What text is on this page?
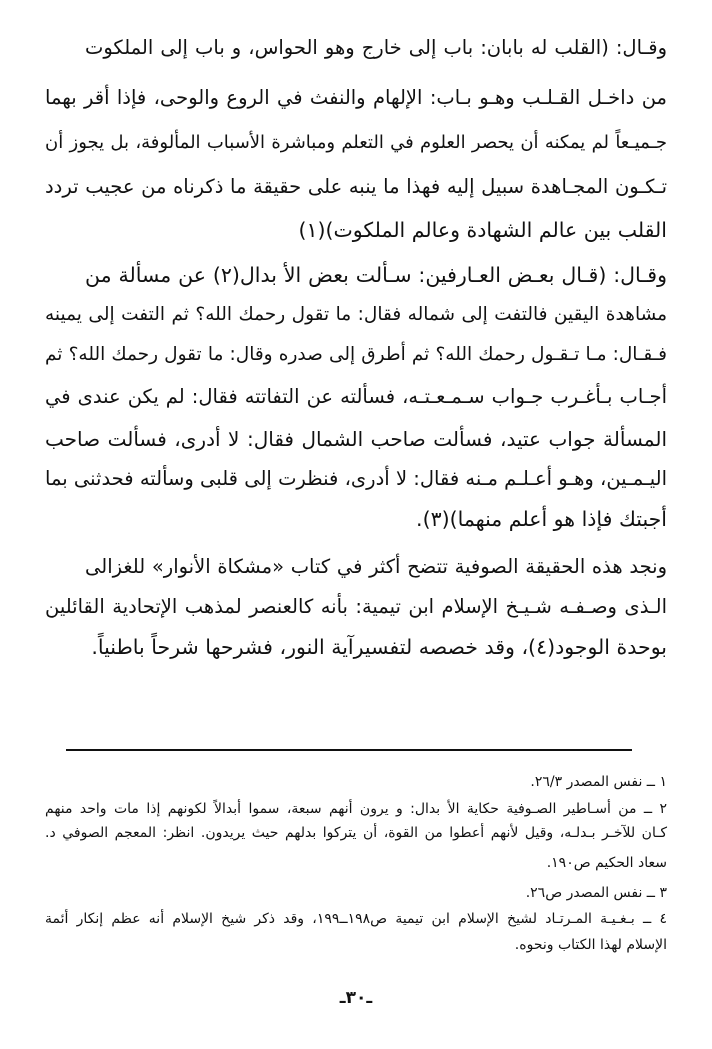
وقـال: (القلب له بابان: باب إلى خارج وهو الحواس، و باب إلى الملكوت
من داخـل القـلـب وهـو بـاب: الإلهام والنفث في الروع والوحى، فإذا أقر بهما
جـميـعاً لم يمكنه أن يحصر العلوم في التعلم ومباشرة الأسباب المألوفة، بل يجوز أن
تـكـون المجـاهدة سبيل إليه فهذا ما ينبه على حقيقة ما ذكرناه من عجيب تردد
القلب بين عالم الشهادة وعالم الملكوت)(١)
وقـال: (قـال بعـض العـارفين: سـألت بعض الأ بدال(٢) عن مسألة من
مشاهدة اليقين فالتفت إلى شماله فقال: ما تقول رحمك الله؟ ثم التفت إلى يمينه
فـقـال: مـا تـقـول رحمك الله؟ ثم أطرق إلى صدره وقال: ما تقول رحمك الله؟ ثم
أجـاب بـأغـرب جـواب سـمـعـتـه، فسألته عن التفاتته فقال: لم يكن عندى في
المسألة جواب عتيد، فسألت صاحب الشمال فقال: لا أدرى، فسألت صاحب
اليـمـين، وهـو أعـلـم مـنه فقال: لا أدرى، فنظرت إلى قلبى وسألته فحدثنى بما
أجبتك فإذا هو أعلم منهما)(٣).
ونجد هذه الحقيقة الصوفية تتضح أكثر في كتاب «مشكاة الأنوار» للغزالى
الـذى وصـفـه شـيـخ الإسلام ابن تيمية: بأنه كالعنصر لمذهب الإتحادية القائلين
بوحدة الوجود(٤)، وقد خصصه لتفسيرآية النور، فشرحها شرحاً باطنياً.
١ ــ نفس المصدر ٢٦/٣.
٢ ــ من أسـاطير الصـوفية حكاية الأ بدال: و يرون أنهم سبعة، سموا أبدالاً لكونهم إذا مات واحد منهم
كـان للآخـر بـدلـه، وقيل لأنهم أعطوا من القوة، أن يتركوا بدلهم حيث يريدون. انظر: المعجم الصوفي د.
سعاد الحكيم ص١٩٠.
٣ ــ نفس المصدر ص٢٦.
٤ ــ بـغـيـة المـرتـاد لشيخ الإسلام ابن تيمية ص١٩٨ــ١٩٩، وقد ذكر شيخ الإسلام أنه عظم إنكار أئمة
الإسلام لهذا الكتاب ونحوه.
ـ٣٠ـ
